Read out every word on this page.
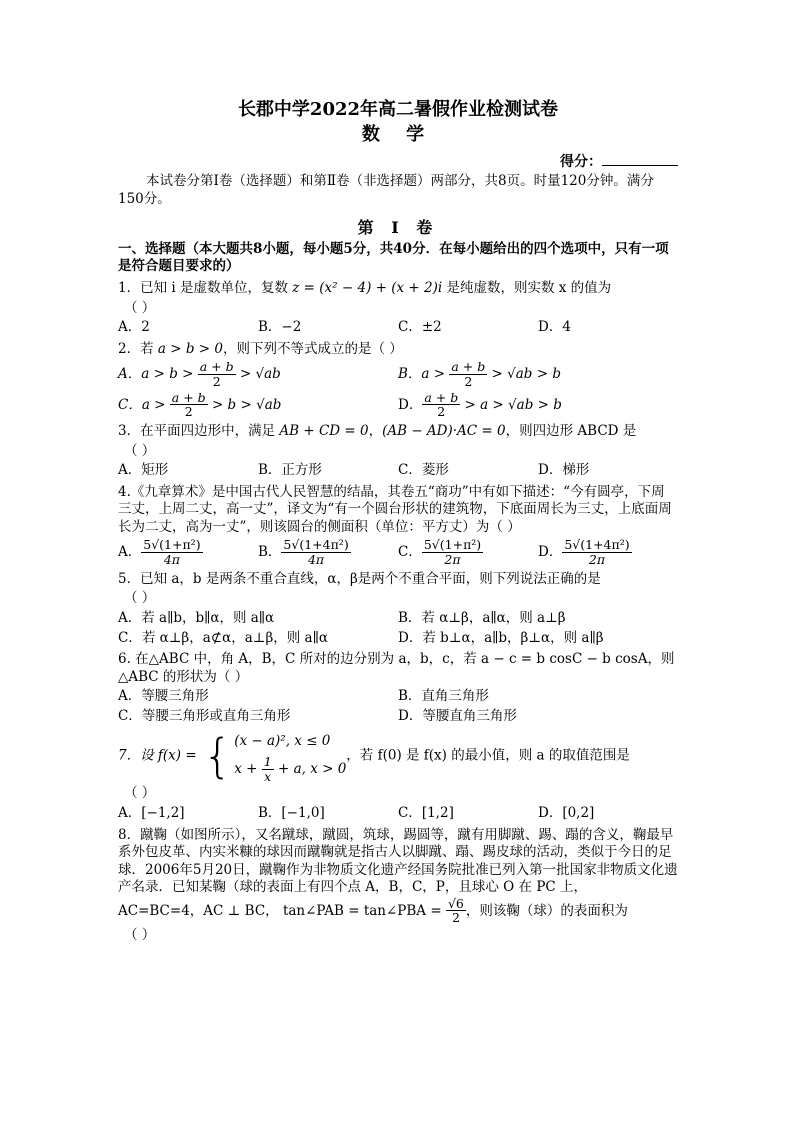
长郡中学2022年高二暑假作业检测试卷
数 学
得分：

本试卷分第Ⅰ卷（选择题）和第Ⅱ卷（非选择题）两部分，共8页。时量120分钟。满分150分。

第 Ⅰ 卷

一、选择题（本大题共8小题，每小题5分，共40分．在每小题给出的四个选项中，只有一项是符合题目要求的）

1．已知 i 是虚数单位，复数 z = (x² − 4) + (x + 2)i 是纯虚数，则实数 x 的值为

（ ）
A．2	B．−2	C．±2	D．4

2．若 a > b > 0，则下列不等式成立的是（ ）

A．$a > b > \frac{a + b}{2} > √ab$	B．$a > \frac{a + b}{2} > √ab > b$
C．$a > \frac{a + b}{2} > b > √ab$	D． $\frac{a + b}{2} > a > √ab > b$

3．在平面四边形中，满足 AB + CD = 0，(AB − AD)·AC = 0，则四边形 ABCD 是

（ ）
A．矩形	B．正方形	C．菱形	D．梯形

4.《九章算术》是中国古代人民智慧的结晶，其卷五“商功”中有如下描述：“今有圆亭，下周三丈，上周二丈，高一丈”，译文为“有一个圆台形状的建筑物，下底面周长为三丈，上底面周长为二丈，高为一丈”，则该圆台的侧面积（单位：平方丈）为（ ）

A． $\frac{\text{5√(1+π²)}}{4\pi}$	B． $\frac{\text{5√(1+4π²)}}{4\pi}$	C． $\frac{\text{5√(1+π²)}}{2\pi}$	D． $\frac{\text{5√(1+4π²)}}{2\pi}$

5．已知 a，b 是两条不重合直线，α，β是两个不重合平面，则下列说法正确的是

（ ）
A．若 a∥b，b∥α，则 a∥α	B．若 α⊥β，a∥α，则 a⊥β
C．若 α⊥β，a⊄α，a⊥β，则 a∥α	D．若 b⊥α，a∥b，β⊥α，则 a∥β

6. 在△ABC 中，角 A，B，C 所对的边分别为 a，b，c，若 a − c = b cosC − b cosA，则△ABC 的形状为（ ）

A．等腰三角形	B．直角三角形
C．等腰三角形或直角三角形	D．等腰直角三角形

7．设 f(x) = { (x − a)², x ≤ 0
$x + \frac{1}{x} + a$, x > 0
，若 f(0) 是 f(x) 的最小值，则 a 的取值范围是

（ ）
A．[−1,2]	B．[−1,0]	C．[1,2]	D．[0,2]

8．蹴鞠（如图所示），又名蹴球，蹴圆，筑球，踢圆等，蹴有用脚蹴、踢、蹋的含义，鞠最早系外包皮革、内实米糠的球因而蹴鞠就是指古人以脚蹴、蹋、踢皮球的活动，类似于今日的足球．2006年5月20日，蹴鞠作为非物质文化遗产经国务院批准已列入第一批国家非物质文化遗产名录．已知某鞠（球的表面上有四个点 A，B，C，P，且球心 O 在 PC 上，

AC=BC=4，AC ⊥ BC， tan∠PAB = tan∠PBA = $\frac{√6}{2}$ ，则该鞠（球）的表面积为

（ ）
